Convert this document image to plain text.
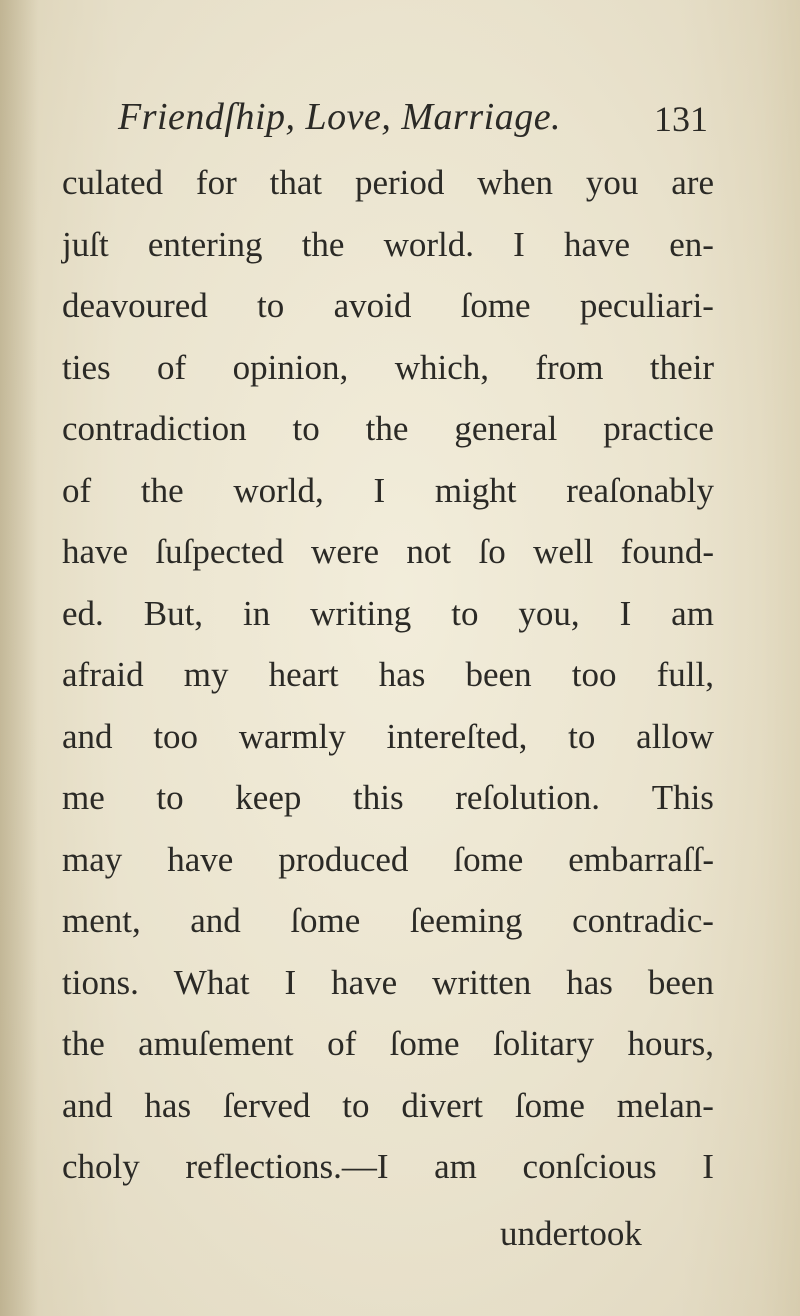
Friendſhip, Love, Marriage.	131
culated for that period when you are
juſt entering the world. I have en-
deavoured to avoid ſome peculiari-
ties of opinion, which, from their
contradiction to the general practice
of the world, I might reaſonably
have ſuſpected were not ſo well found-
ed. But, in writing to you, I am
afraid my heart has been too full,
and too warmly intereſted, to allow
me to keep this reſolution. This
may have produced ſome embarraſſ-
ment, and ſome ſeeming contradic-
tions. What I have written has been
the amuſement of ſome ſolitary hours,
and has ſerved to divert ſome melan-
choly reflections.—I am conſcious I
undertook
